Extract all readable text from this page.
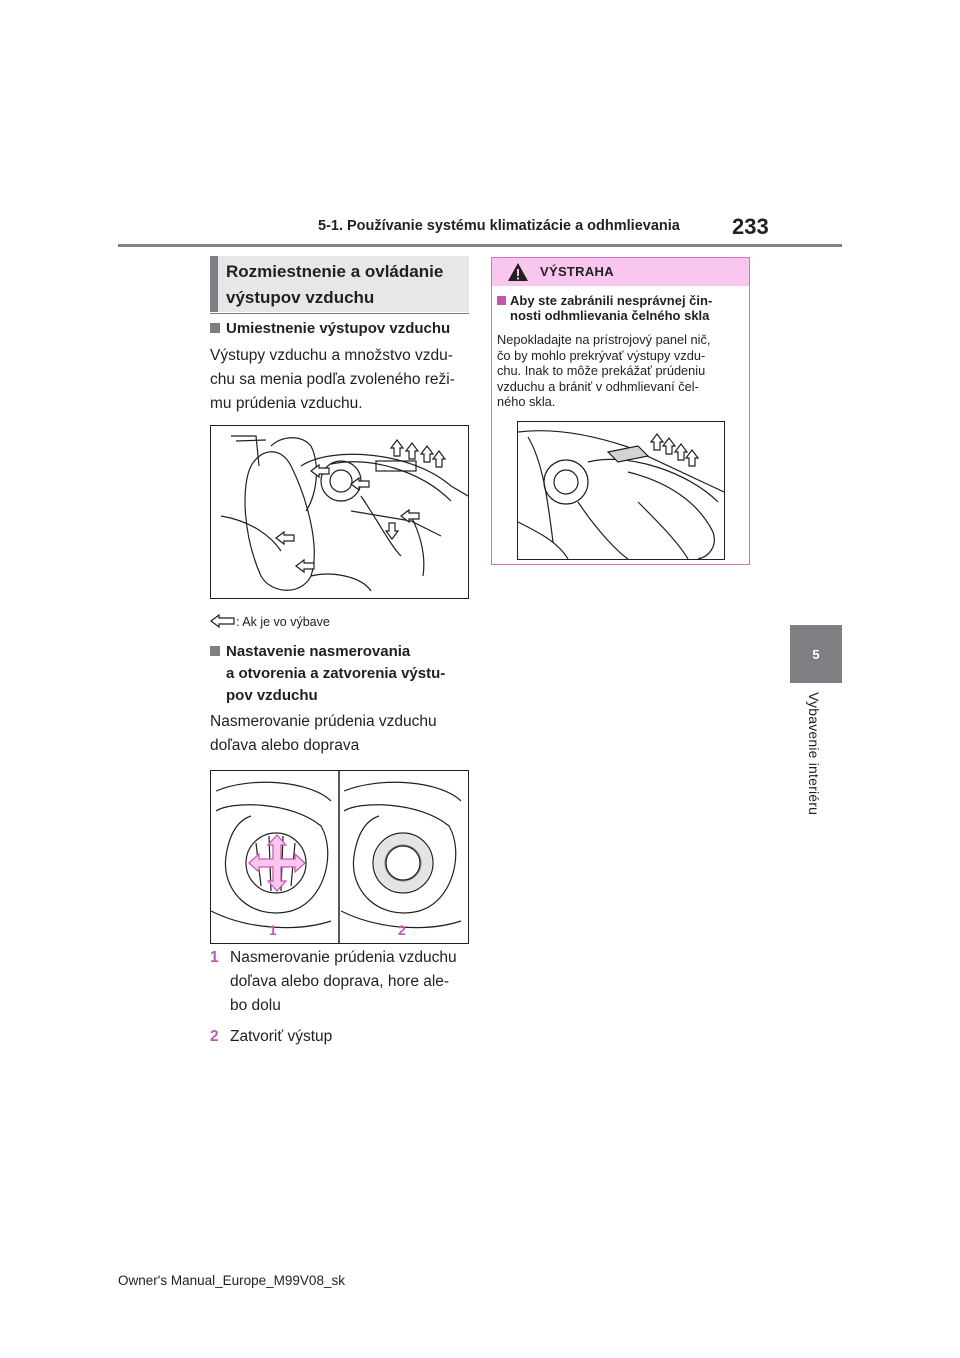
5-1. Používanie systému klimatizácie a odhmlievania 233
5
Vybavenie interiéru
Rozmiestnenie a ovládanie
výstupov vzduchu
Umiestnenie výstupov vzduchu
Výstupy vzduchu a množstvo vzdu-
chu sa menia podľa zvoleného reži-
mu prúdenia vzduchu.
: Ak je vo výbave
Nastavenie nasmerovania
a otvorenia a zatvorenia výstu-
pov vzduchu
Nasmerovanie prúdenia vzduchu
doľava alebo doprava
1	2
1 Nasmerovanie prúdenia vzduchu
doľava alebo doprava, hore ale-
bo dolu
2 Zatvoriť výstup
VÝSTRAHA
Aby ste zabránili nesprávnej čin-
nosti odhmlievania čelného skla
Nepokladajte na prístrojový panel nič,
čo by mohlo prekrývať výstupy vzdu-
chu. Inak to môže prekážať prúdeniu
vzduchu a brániť v odhmlievaní čel-
ného skla.
Owner's Manual_Europe_M99V08_sk
